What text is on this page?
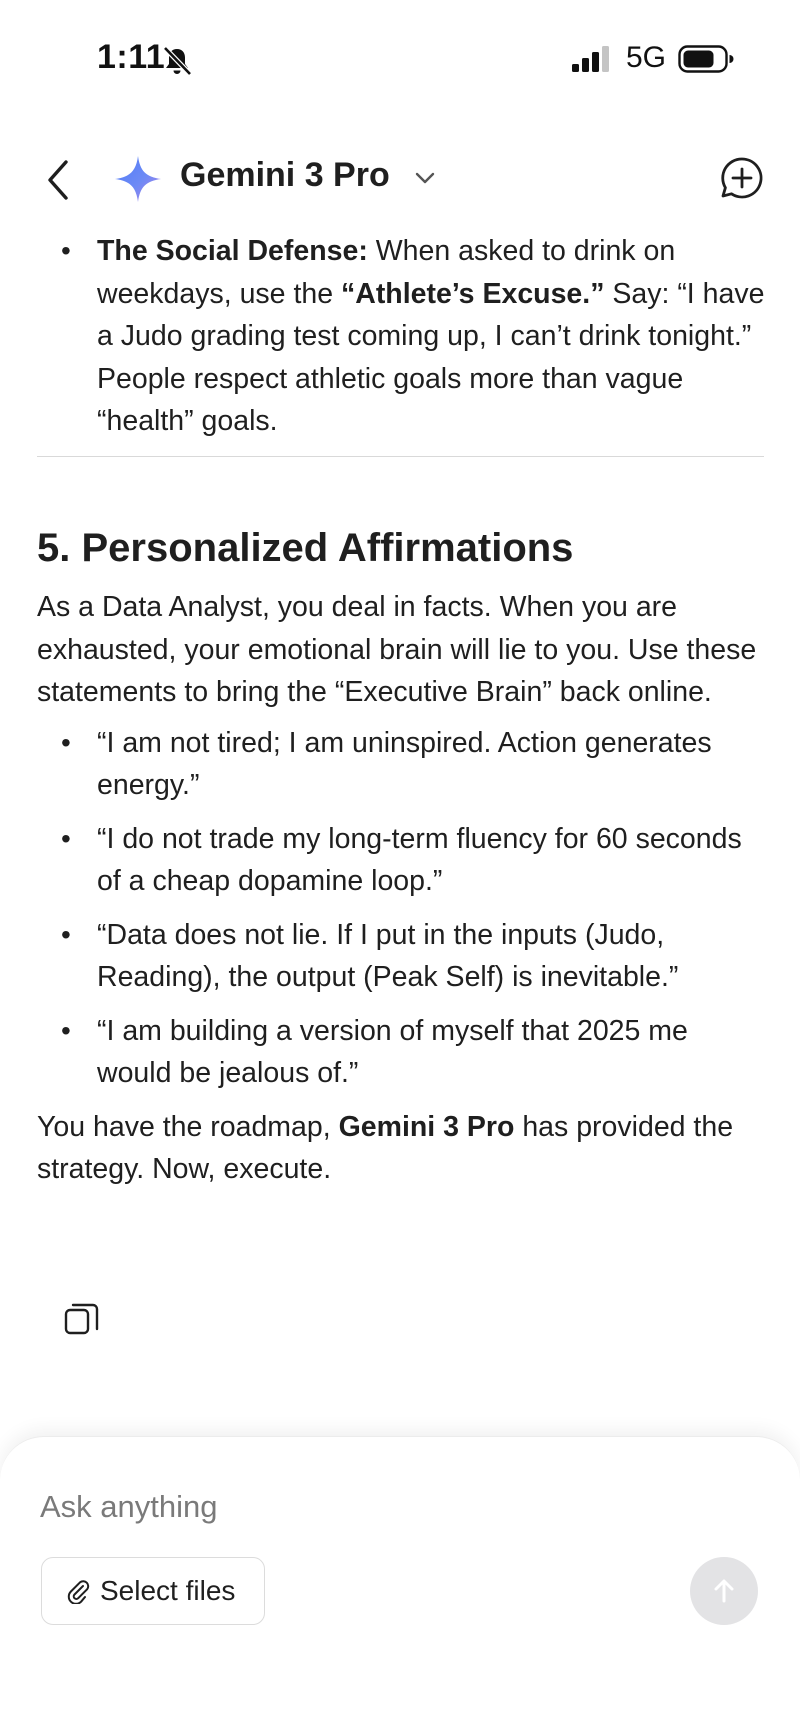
1:11	5G
Gemini 3 Pro
• The Social Defense: When asked to drink on weekdays, use the “Athlete’s Excuse.” Say: “I have a Judo grading test coming up, I can’t drink tonight.” People respect athletic goals more than vague “health” goals.
5. Personalized Affirmations
As a Data Analyst, you deal in facts. When you are exhausted, your emotional brain will lie to you. Use these statements to bring the “Executive Brain” back online.
• “I am not tired; I am uninspired. Action generates energy.”
• “I do not trade my long-term fluency for 60 seconds of a cheap dopamine loop.”
• “Data does not lie. If I put in the inputs (Judo, Reading), the output (Peak Self) is inevitable.”
• “I am building a version of myself that 2025 me would be jealous of.”
You have the roadmap, Gemini 3 Pro has provided the strategy. Now, execute.
Ask anything
Select files
